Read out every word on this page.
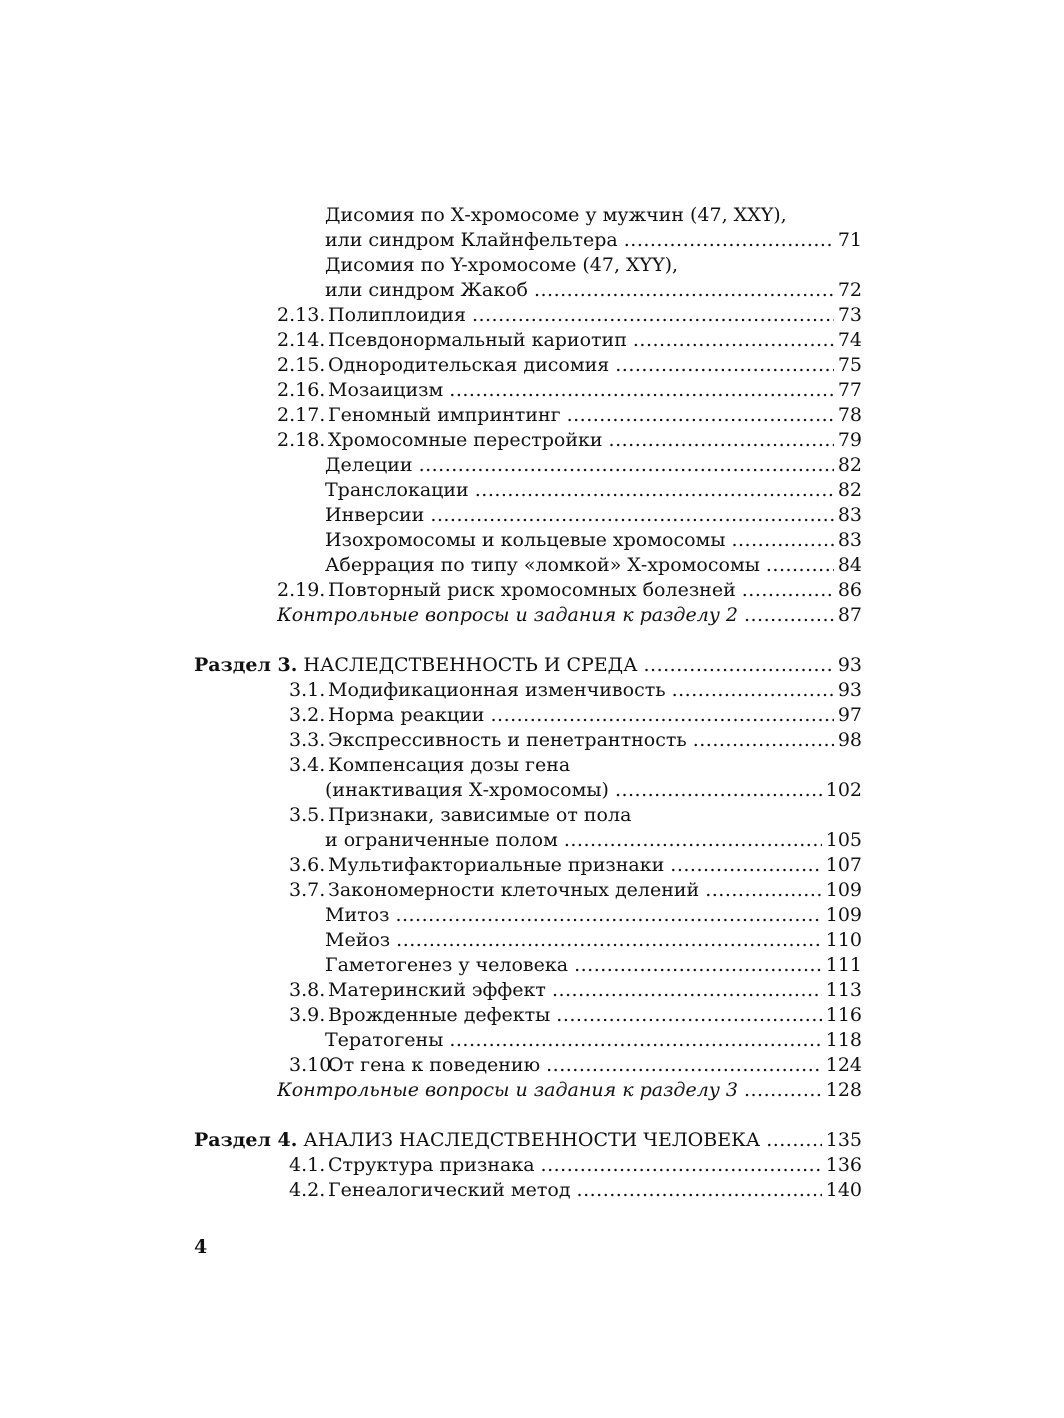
Дисомия по Х-хромосоме у мужчин (47, XXY),
или синдром Клайнфельтера .....	71
Дисомия по Y-хромосоме (47, XYY),
или синдром Жакоб .....	72
2.13. Полиплоидия .....	73
2.14. Псевдонормальный кариотип .....	74
2.15. Однородительская дисомия .....	75
2.16. Мозаицизм .....	77
2.17. Геномный импринтинг .....	78
2.18. Хромосомные перестройки .....	79
Делеции .....	82
Транслокации .....	82
Инверсии .....	83
Изохромосомы и кольцевые хромосомы .....	83
Аберрация по типу «ломкой» Х-хромосомы .....	84
2.19. Повторный риск хромосомных болезней .....	86
Контрольные вопросы и задания к разделу 2 .....	87
Раздел 3. НАСЛЕДСТВЕННОСТЬ И СРЕДА .....	93
3.1. Модификационная изменчивость .....	93
3.2. Норма реакции .....	97
3.3. Экспрессивность и пенетрантность .....	98
3.4. Компенсация дозы гена
(инактивация Х-хромосомы) .....	102
3.5. Признаки, зависимые от пола
и ограниченные полом .....	105
3.6. Мультифакториальные признаки .....	107
3.7. Закономерности клеточных делений .....	109
Митоз .....	109
Мейоз .....	110
Гаметогенез у человека .....	111
3.8. Материнский эффект .....	113
3.9. Врожденные дефекты .....	116
Тератогены .....	118
3.10.
От гена к поведению .....	124
Контрольные вопросы и задания к разделу 3 .....	128
Раздел 4. АНАЛИЗ НАСЛЕДСТВЕННОСТИ ЧЕЛОВЕКА .....	135
4.1. Структура признака .....	136
4.2. Генеалогический метод .....	140
4
